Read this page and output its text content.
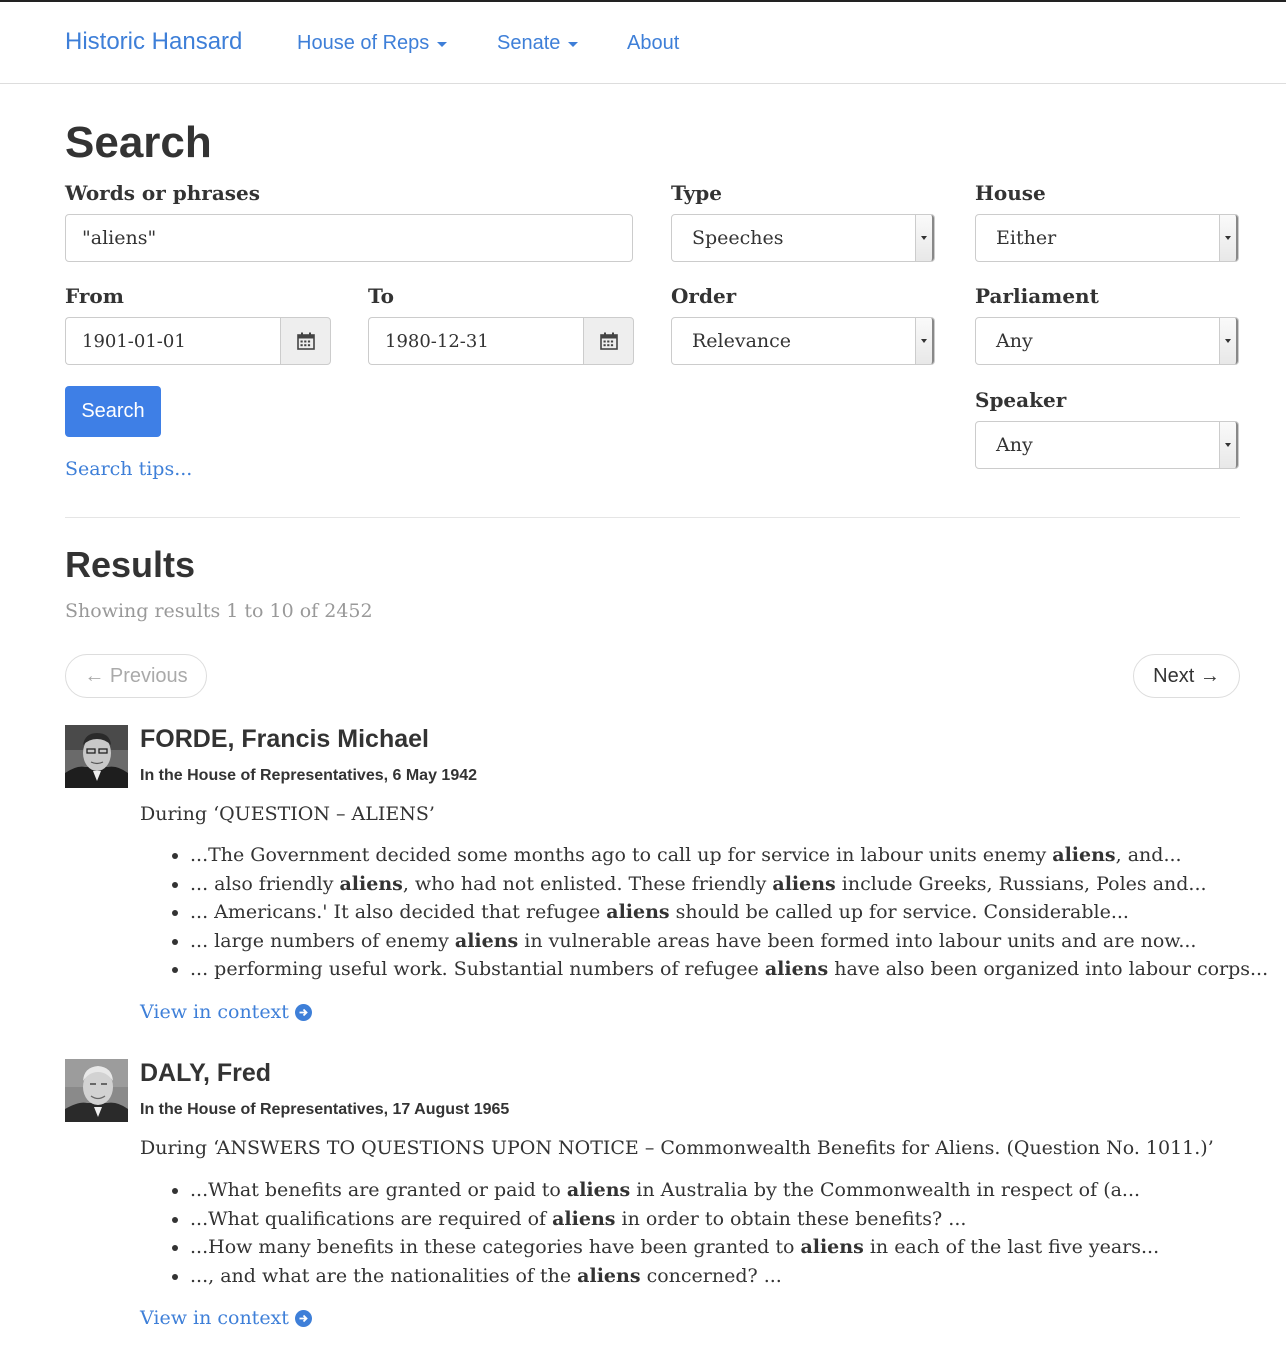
Historic Hansard	House of Reps	Senate	About
Search
Words or phrases
"aliens"
Type
Speeches
House
Either
From
1901-01-01
To
1980-12-31
Order
Relevance
Parliament
Any
Speaker
Any
Search
Search tips...
Results
Showing results 1 to 10 of 2452
← Previous	Next →
FORDE, Francis Michael
In the House of Representatives, 6 May 1942
During ‘QUESTION – ALIENS’
• ...The Government decided some months ago to call up for service in labour units enemy aliens, and...
• ... also friendly aliens, who had not enlisted. These friendly aliens include Greeks, Russians, Poles and...
• ... Americans.' It also decided that refugee aliens should be called up for service. Considerable...
• ... large numbers of enemy aliens in vulnerable areas have been formed into labour units and are now...
• ... performing useful work. Substantial numbers of refugee aliens have also been organized into labour corps...
View in context
DALY, Fred
In the House of Representatives, 17 August 1965
During ‘ANSWERS TO QUESTIONS UPON NOTICE – Commonwealth Benefits for Aliens. (Question No. 1011.)’
• ...What benefits are granted or paid to aliens in Australia by the Commonwealth in respect of (a...
• ...What qualifications are required of aliens in order to obtain these benefits? ...
• ...How many benefits in these categories have been granted to aliens in each of the last five years...
• ..., and what are the nationalities of the aliens concerned? ...
View in context
